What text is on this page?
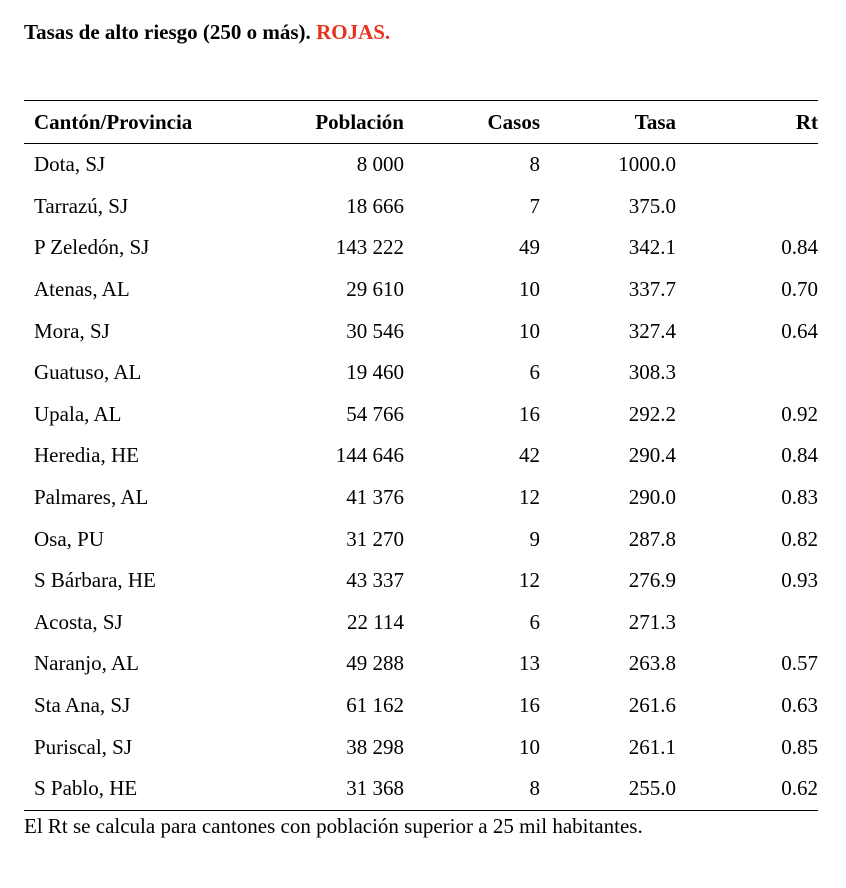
Tasas de alto riesgo (250 o más). ROJAS.
Cantón/Provincia	Población	Casos	Tasa	Rt
Dota, SJ	8 000	8	1000.0	
Tarrazú, SJ	18 666	7	375.0	
P Zeledón, SJ	143 222	49	342.1	0.84
Atenas, AL	29 610	10	337.7	0.70
Mora, SJ	30 546	10	327.4	0.64
Guatuso, AL	19 460	6	308.3	
Upala, AL	54 766	16	292.2	0.92
Heredia, HE	144 646	42	290.4	0.84
Palmares, AL	41 376	12	290.0	0.83
Osa, PU	31 270	9	287.8	0.82
S Bárbara, HE	43 337	12	276.9	0.93
Acosta, SJ	22 114	6	271.3	
Naranjo, AL	49 288	13	263.8	0.57
Sta Ana, SJ	61 162	16	261.6	0.63
Puriscal, SJ	38 298	10	261.1	0.85
S Pablo, HE	31 368	8	255.0	0.62
El Rt se calcula para cantones con población superior a 25 mil habitantes.
